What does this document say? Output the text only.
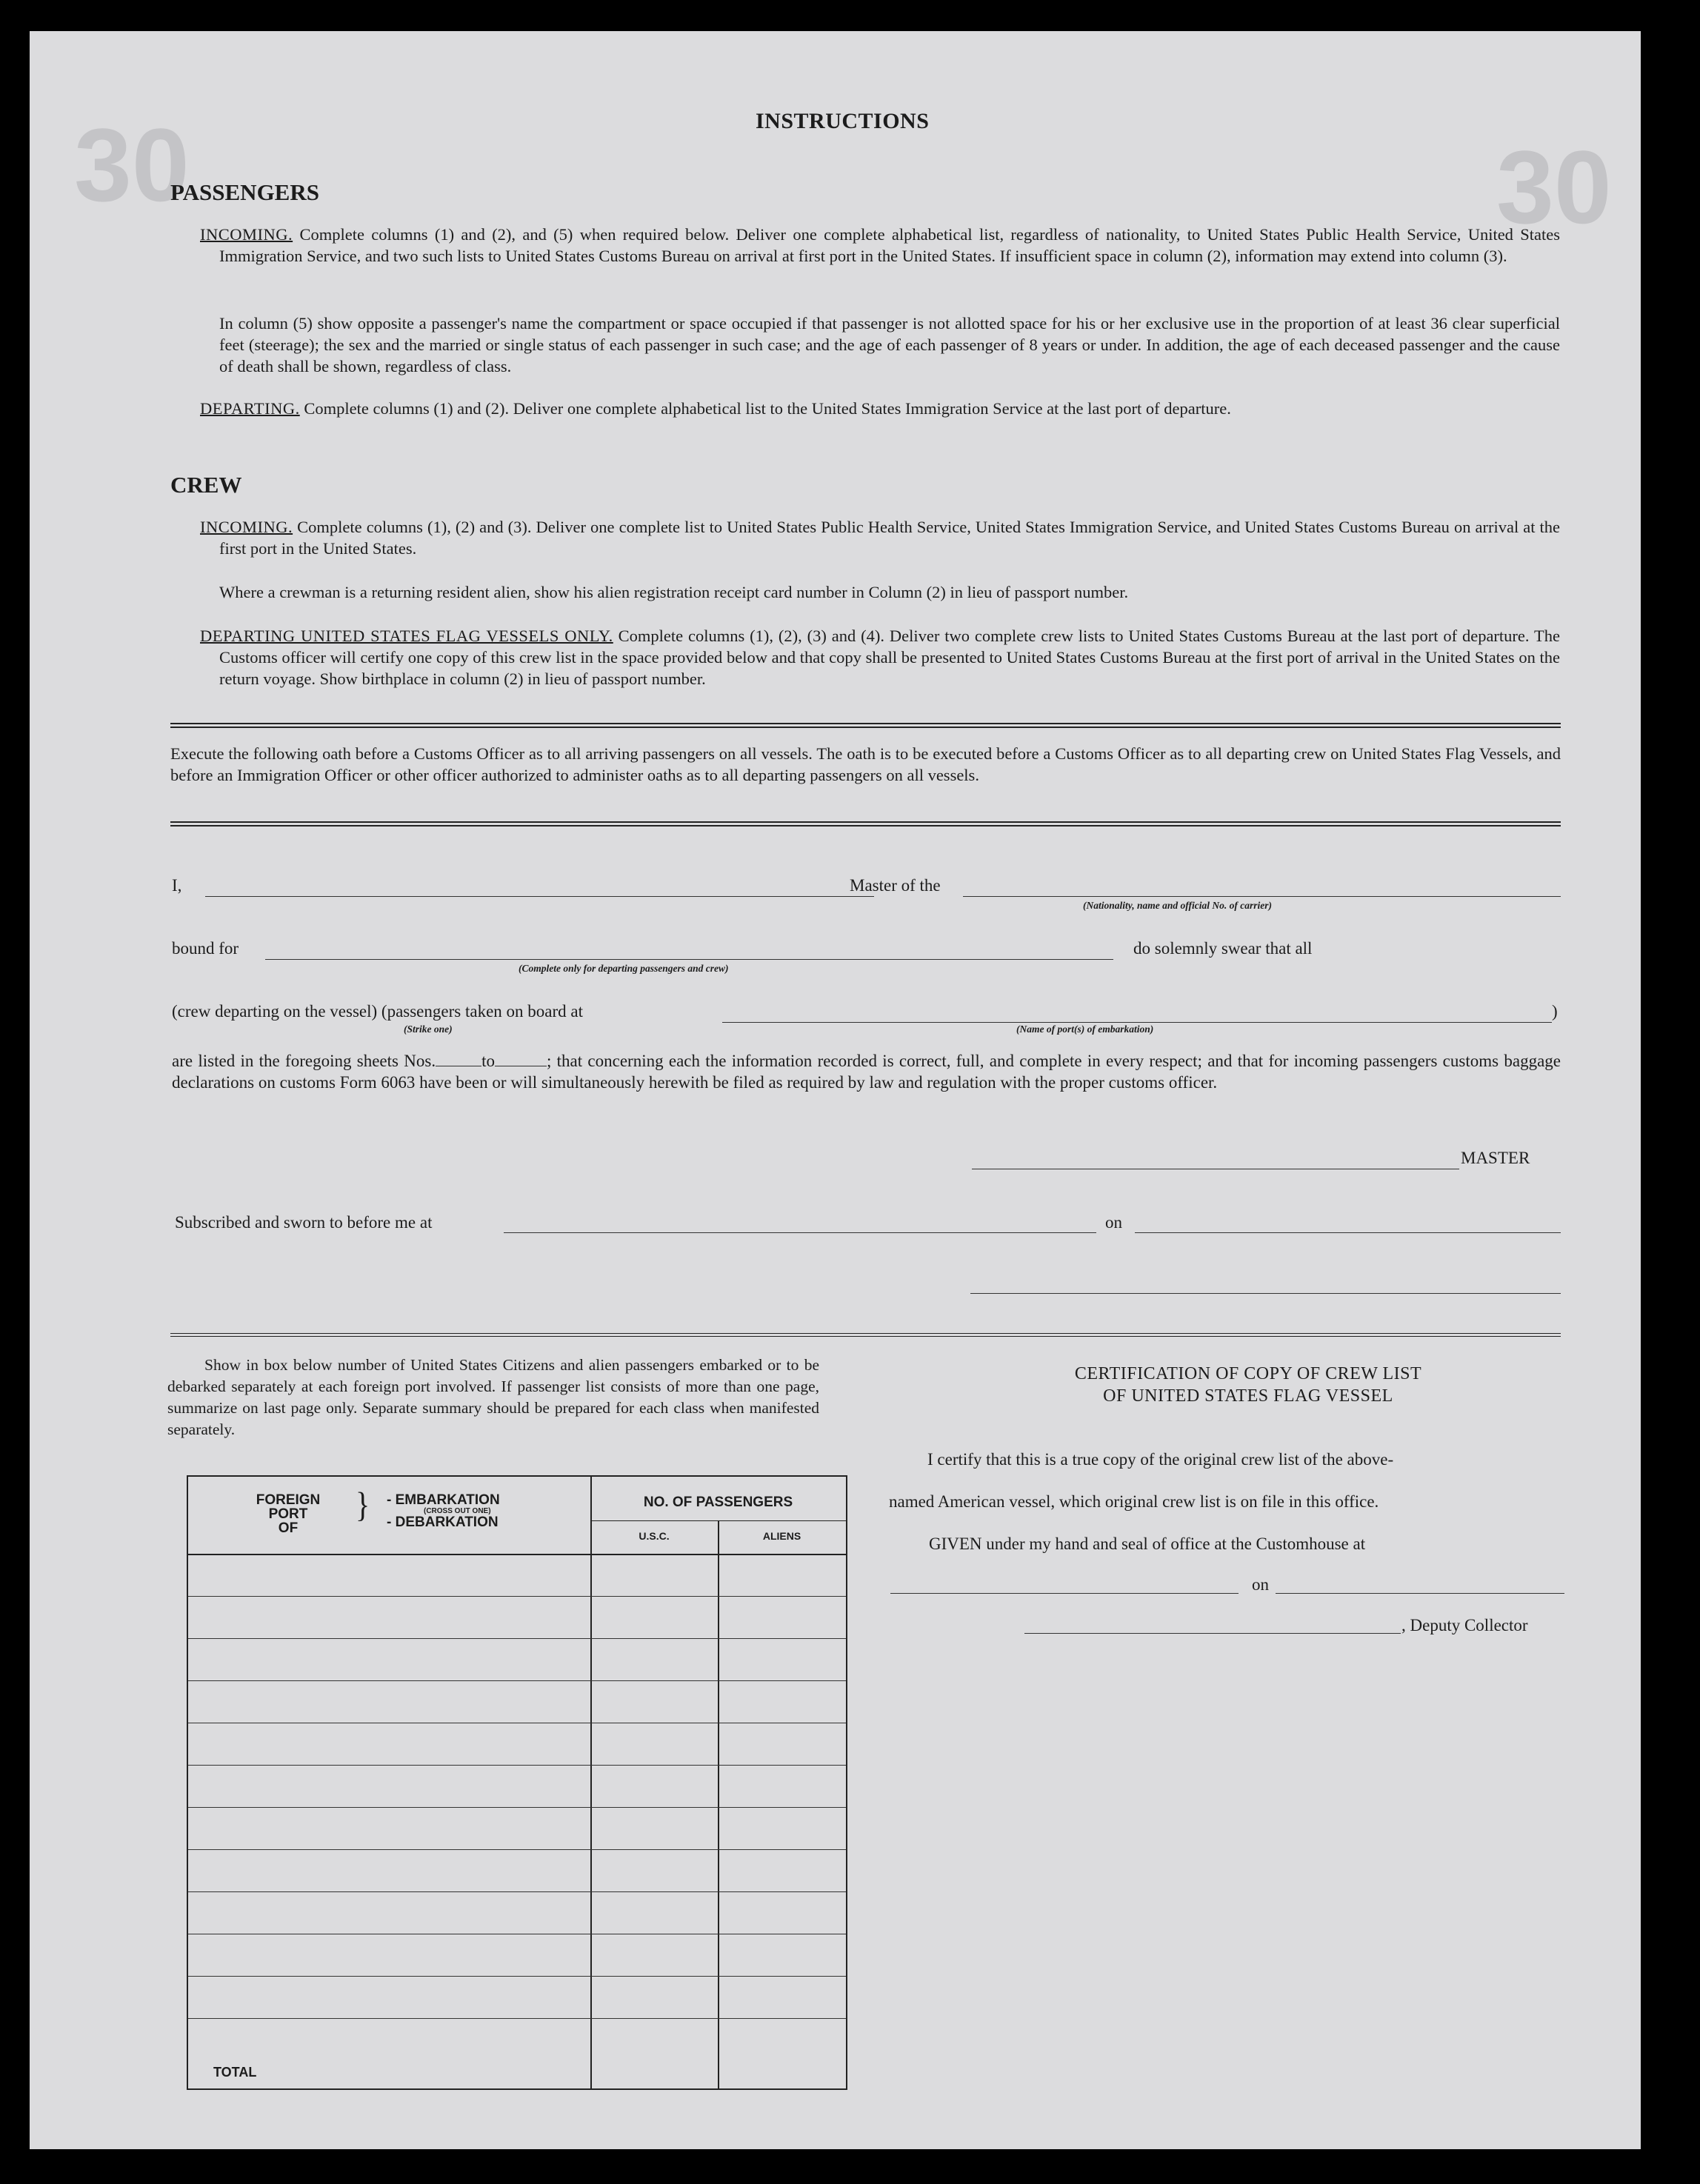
30	30
INSTRUCTIONS
PASSENGERS
INCOMING. Complete columns (1) and (2), and (5) when required below. Deliver one complete alphabetical list, regardless of nationality, to United States Public Health Service, United States Immigration Service, and two such lists to United States Customs Bureau on arrival at first port in the United States. If insufficient space in column (2), information may extend into column (3).
In column (5) show opposite a passenger's name the compartment or space occupied if that passenger is not allotted space for his or her exclusive use in the proportion of at least 36 clear superficial feet (steerage); the sex and the married or single status of each passenger in such case; and the age of each passenger of 8 years or under. In addition, the age of each deceased passenger and the cause of death shall be shown, regardless of class.
DEPARTING. Complete columns (1) and (2). Deliver one complete alphabetical list to the United States Immigration Service at the last port of departure.
CREW
INCOMING. Complete columns (1), (2) and (3). Deliver one complete list to United States Public Health Service, United States Immigration Service, and United States Customs Bureau on arrival at the first port in the United States.
Where a crewman is a returning resident alien, show his alien registration receipt card number in Column (2) in lieu of passport number.
DEPARTING UNITED STATES FLAG VESSELS ONLY. Complete columns (1), (2), (3) and (4). Deliver two complete crew lists to United States Customs Bureau at the last port of departure. The Customs officer will certify one copy of this crew list in the space provided below and that copy shall be presented to United States Customs Bureau at the first port of arrival in the United States on the return voyage. Show birthplace in column (2) in lieu of passport number.
Execute the following oath before a Customs Officer as to all arriving passengers on all vessels. The oath is to be executed before a Customs Officer as to all departing crew on United States Flag Vessels, and before an Immigration Officer or other officer authorized to administer oaths as to all departing passengers on all vessels.
I,	Master of the
(Nationality, name and official No. of carrier)
bound for
(Complete only for departing passengers and crew)
do solemnly swear that all
(crew departing on the vessel) (passengers taken on board at	)
(Strike one)	(Name of port(s) of embarkation)
are listed in the foregoing sheets Nos.	to	; that concerning each the information recorded is correct, full, and complete in every respect; and that for incoming passengers customs baggage declarations on customs Form 6063 have been or will simultaneously herewith be filed as required by law and regulation with the proper customs officer.
MASTER
Subscribed and sworn to before me at	on
Show in box below number of United States Citizens and alien passengers embarked or to be debarked separately at each foreign port involved. If passenger list consists of more than one page, summarize on last page only. Separate summary should be prepared for each class when manifested separately.
FOREIGN
PORT
OF
} - EMBARKATION
(CROSS OUT ONE)
- DEBARKATION
NO. OF PASSENGERS
U.S.C.	ALIENS
TOTAL
CERTIFICATION OF COPY OF CREW LIST
OF UNITED STATES FLAG VESSEL
I certify that this is a true copy of the original crew list of the above-
named American vessel, which original crew list is on file in this office.
GIVEN under my hand and seal of office at the Customhouse at
on
, Deputy Collector
